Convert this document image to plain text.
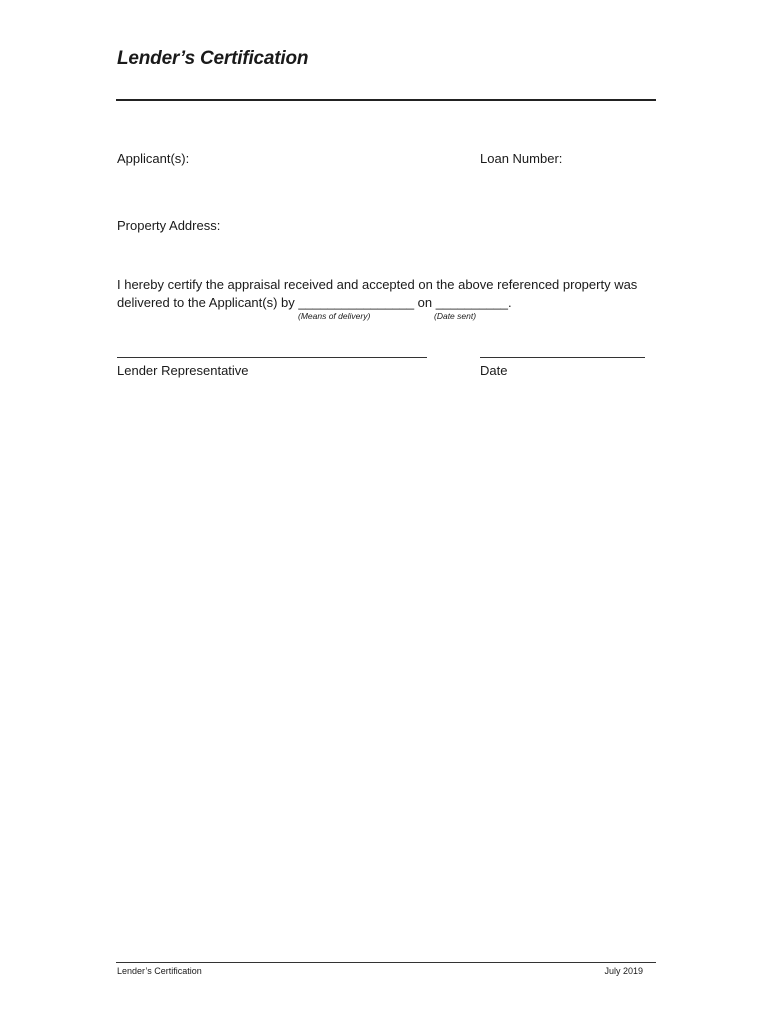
Lender’s Certification
Applicant(s):	Loan Number:
Property Address:
I hereby certify the appraisal received and accepted on the above referenced property was
delivered to the Applicant(s) by ________________ on __________.
(Means of delivery)	(Date sent)
Lender Representative	Date
Lender’s Certification	July 2019
